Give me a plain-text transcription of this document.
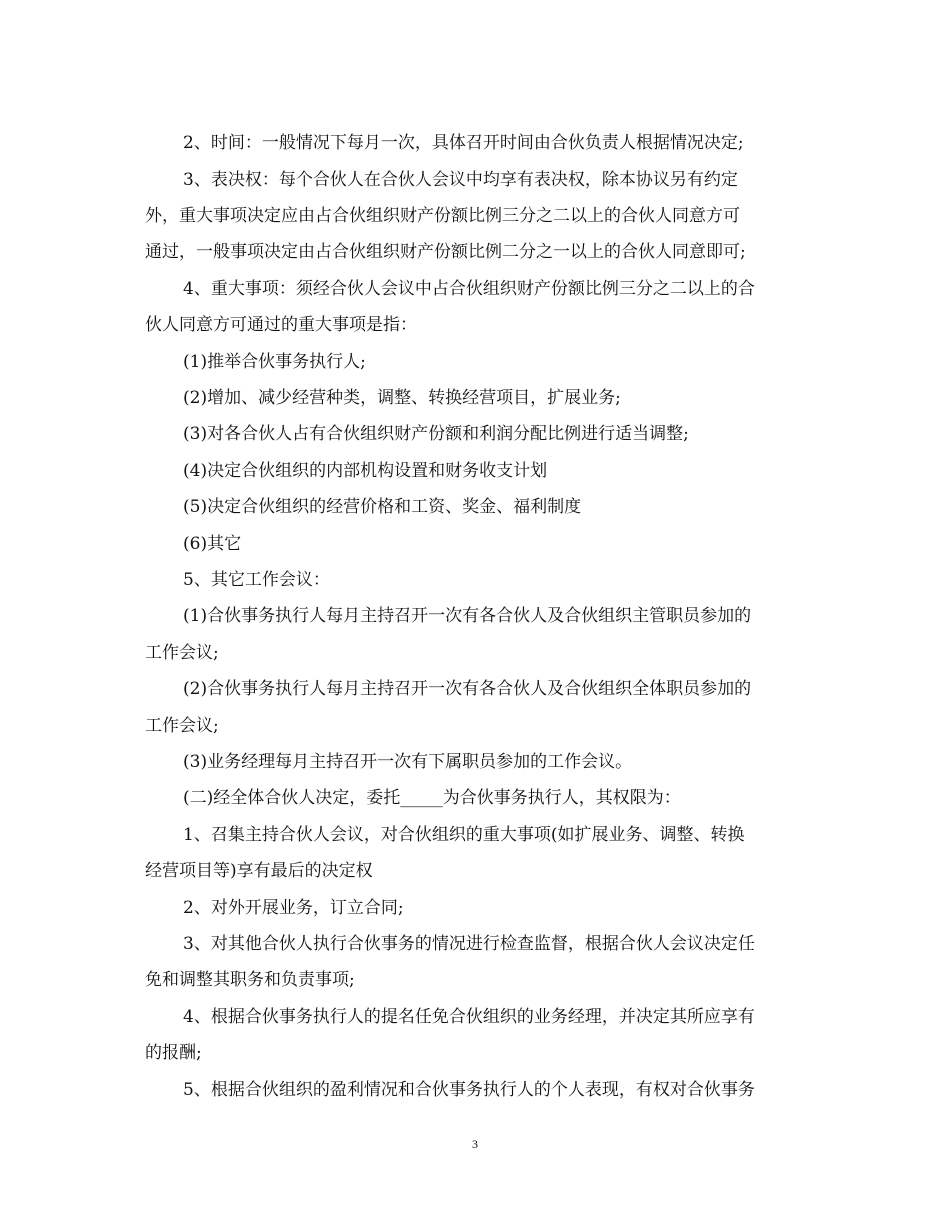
2、时间：一般情况下每月一次，具体召开时间由合伙负责人根据情况决定;
3、表决权：每个合伙人在合伙人会议中均享有表决权，除本协议另有约定
外，重大事项决定应由占合伙组织财产份额比例三分之二以上的合伙人同意方可
通过，一般事项决定由占合伙组织财产份额比例二分之一以上的合伙人同意即可;
4、重大事项：须经合伙人会议中占合伙组织财产份额比例三分之二以上的合
伙人同意方可通过的重大事项是指：
(1)推举合伙事务执行人;
(2)增加、减少经营种类，调整、转换经营项目，扩展业务;
(3)对各合伙人占有合伙组织财产份额和利润分配比例进行适当调整;
(4)决定合伙组织的内部机构设置和财务收支计划
(5)决定合伙组织的经营价格和工资、奖金、福利制度
(6)其它
5、其它工作会议：
(1)合伙事务执行人每月主持召开一次有各合伙人及合伙组织主管职员参加的
工作会议;
(2)合伙事务执行人每月主持召开一次有各合伙人及合伙组织全体职员参加的
工作会议;
(3)业务经理每月主持召开一次有下属职员参加的工作会议。
(二)经全体合伙人决定，委托_____为合伙事务执行人，其权限为：
1、召集主持合伙人会议，对合伙组织的重大事项(如扩展业务、调整、转换
经营项目等)享有最后的决定权
2、对外开展业务，订立合同;
3、对其他合伙人执行合伙事务的情况进行检查监督，根据合伙人会议决定任
免和调整其职务和负责事项;
4、根据合伙事务执行人的提名任免合伙组织的业务经理，并决定其所应享有
的报酬;
5、根据合伙组织的盈利情况和合伙事务执行人的个人表现，有权对合伙事务
3
